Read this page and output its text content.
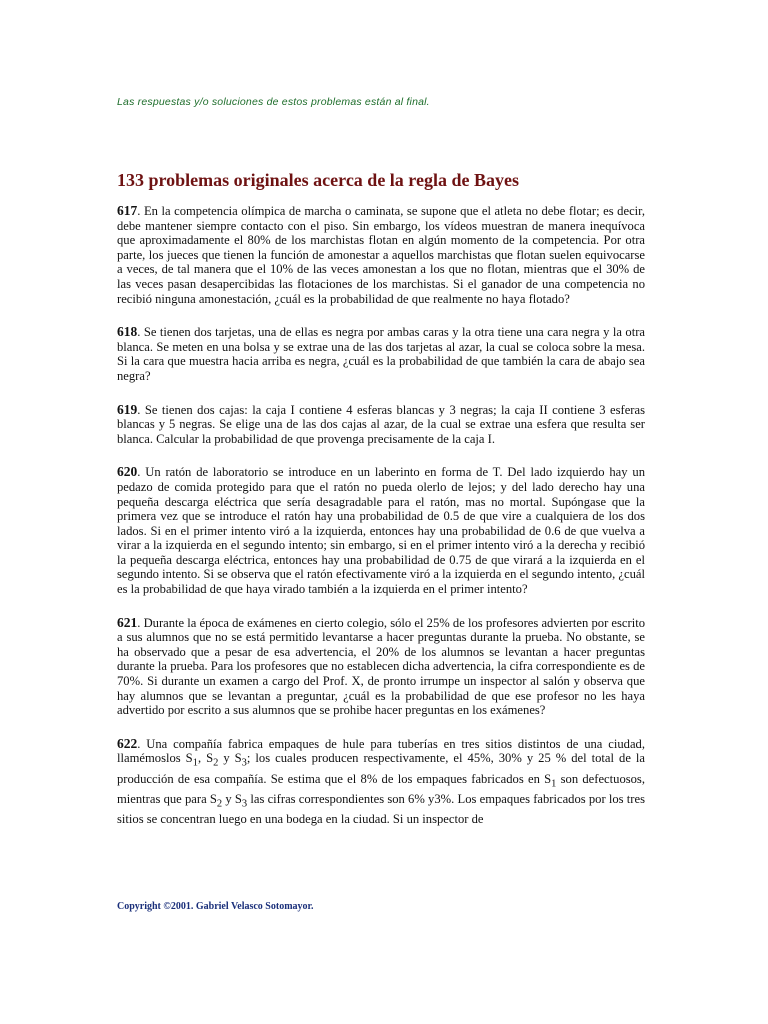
Las respuestas y/o soluciones de estos problemas están al final.
133 problemas originales acerca de la regla de Bayes

617. En la competencia olímpica de marcha o caminata, se supone que el atleta no debe flotar; es decir, debe mantener siempre contacto con el piso. Sin embargo, los vídeos muestran de manera inequívoca que aproximadamente el 80% de los marchistas flotan en algún momento de la competencia. Por otra parte, los jueces que tienen la función de amonestar a aquellos marchistas que flotan suelen equivocarse a veces, de tal manera que el 10% de las veces amonestan a los que no flotan, mientras que el 30% de las veces pasan desapercibidas las flotaciones de los marchistas. Si el ganador de una competencia no recibió ninguna amonestación, ¿cuál es la probabilidad de que realmente no haya flotado?

618. Se tienen dos tarjetas, una de ellas es negra por ambas caras y la otra tiene una cara negra y la otra blanca. Se meten en una bolsa y se extrae una de las dos tarjetas al azar, la cual se coloca sobre la mesa. Si la cara que muestra hacia arriba es negra, ¿cuál es la probabilidad de que también la cara de abajo sea negra?

619. Se tienen dos cajas: la caja I contiene 4 esferas blancas y 3 negras; la caja II contiene 3 esferas blancas y 5 negras. Se elige una de las dos cajas al azar, de la cual se extrae una esfera que resulta ser blanca. Calcular la probabilidad de que provenga precisamente de la caja I.

620. Un ratón de laboratorio se introduce en un laberinto en forma de T. Del lado izquierdo hay un pedazo de comida protegido para que el ratón no pueda olerlo de lejos; y del lado derecho hay una pequeña descarga eléctrica que sería desagradable para el ratón, mas no mortal. Supóngase que la primera vez que se introduce el ratón hay una probabilidad de 0.5 de que vire a cualquiera de los dos lados. Si en el primer intento viró a la izquierda, entonces hay una probabilidad de 0.6 de que vuelva a virar a la izquierda en el segundo intento; sin embargo, si en el primer intento viró a la derecha y recibió la pequeña descarga eléctrica, entonces hay una probabilidad de 0.75 de que virará a la izquierda en el segundo intento. Si se observa que el ratón efectivamente viró a la izquierda en el segundo intento, ¿cuál es la probabilidad de que haya virado también a la izquierda en el primer intento?

621. Durante la época de exámenes en cierto colegio, sólo el 25% de los profesores advierten por escrito a sus alumnos que no se está permitido levantarse a hacer preguntas durante la prueba. No obstante, se ha observado que a pesar de esa advertencia, el 20% de los alumnos se levantan a hacer preguntas durante la prueba. Para los profesores que no establecen dicha advertencia, la cifra correspondiente es de 70%. Si durante un examen a cargo del Prof. X, de pronto irrumpe un inspector al salón y observa que hay alumnos que se levantan a preguntar, ¿cuál es la probabilidad de que ese profesor no les haya advertido por escrito a sus alumnos que se prohibe hacer preguntas en los exámenes?

622. Una compañía fabrica empaques de hule para tuberías en tres sitios distintos de una ciudad, llamémoslos $S_1$, $S_2$ y $S_3$; los cuales producen respectivamente, el 45%, 30% y 25 % del total de la producción de esa compañía. Se estima que el 8% de los empaques fabricados en $S_1$ son defectuosos, mientras que para $S_2$ y $S_3$ las cifras correspondientes son 6% y3%. Los empaques fabricados por los tres sitios se concentran luego en una bodega en la ciudad. Si un inspector de

Copyright ©2001. Gabriel Velasco Sotomayor.
